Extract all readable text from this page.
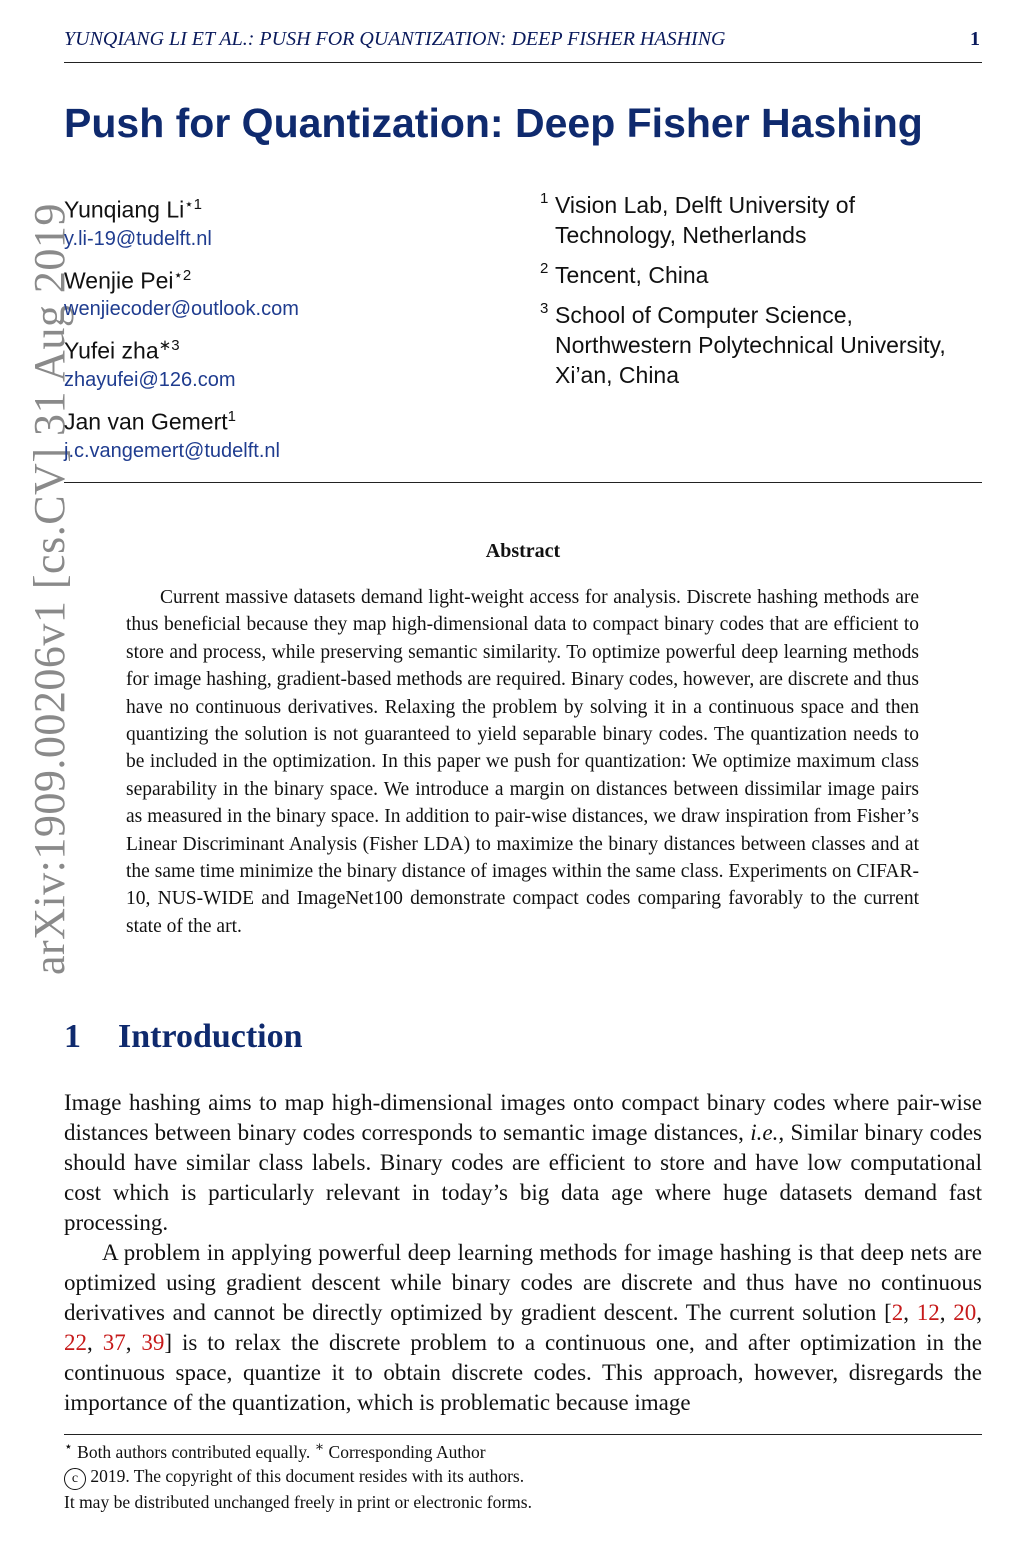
YUNQIANG LI ET AL.: PUSH FOR QUANTIZATION: DEEP FISHER HASHING	1
arXiv:1909.00206v1 [cs.CV] 31 Aug 2019
Push for Quantization: Deep Fisher Hashing
Yunqiang $Li^{⋆1}$
y.li-19@tudelft.nl
Wenjie Pei$^{⋆2}$
wenjiecoder@outlook.com
Yufei zha$^{∗3}$
zhayufei@126.com
Jan van Gemert$^1$
j.c.vangemert@tudelft.nl
1 Vision Lab, Delft University of Technology, Netherlands
2 Tencent, China
3 School of Computer Science, Northwestern Polytechnical University, Xi’an, China
Abstract
Current massive datasets demand light-weight access for analysis. Discrete hashing methods are thus beneficial because they map high-dimensional data to compact binary codes that are efficient to store and process, while preserving semantic similarity. To optimize powerful deep learning methods for image hashing, gradient-based methods are required. Binary codes, however, are discrete and thus have no continuous derivatives. Relaxing the problem by solving it in a continuous space and then quantizing the solution is not guaranteed to yield separable binary codes. The quantization needs to be included in the optimization. In this paper we push for quantization: We optimize maximum class separability in the binary space. We introduce a margin on distances between dissimilar image pairs as measured in the binary space. In addition to pair-wise distances, we draw inspiration from Fisher’s Linear Discriminant Analysis (Fisher LDA) to maximize the binary distances between classes and at the same time minimize the binary distance of images within the same class. Experiments on CIFAR-10, NUS-WIDE and ImageNet100 demonstrate compact codes comparing favorably to the current state of the art.
1 Introduction

Image hashing aims to map high-dimensional images onto compact binary codes where pair-wise distances between binary codes corresponds to semantic image distances, i.e., Similar binary codes should have similar class labels. Binary codes are efficient to store and have low computational cost which is particularly relevant in today’s big data age where huge datasets demand fast processing.

A problem in applying powerful deep learning methods for image hashing is that deep nets are optimized using gradient descent while binary codes are discrete and thus have no continuous derivatives and cannot be directly optimized by gradient descent. The current solution [2, 12, 20, 22, 37, 39] is to relax the discrete problem to a continuous one, and after optimization in the continuous space, quantize it to obtain discrete codes. This approach, however, disregards the importance of the quantization, which is problematic because image

⋆ Both authors contributed equally. ∗ Corresponding Author
c 2019. The copyright of this document resides with its authors.
It may be distributed unchanged freely in print or electronic forms.
